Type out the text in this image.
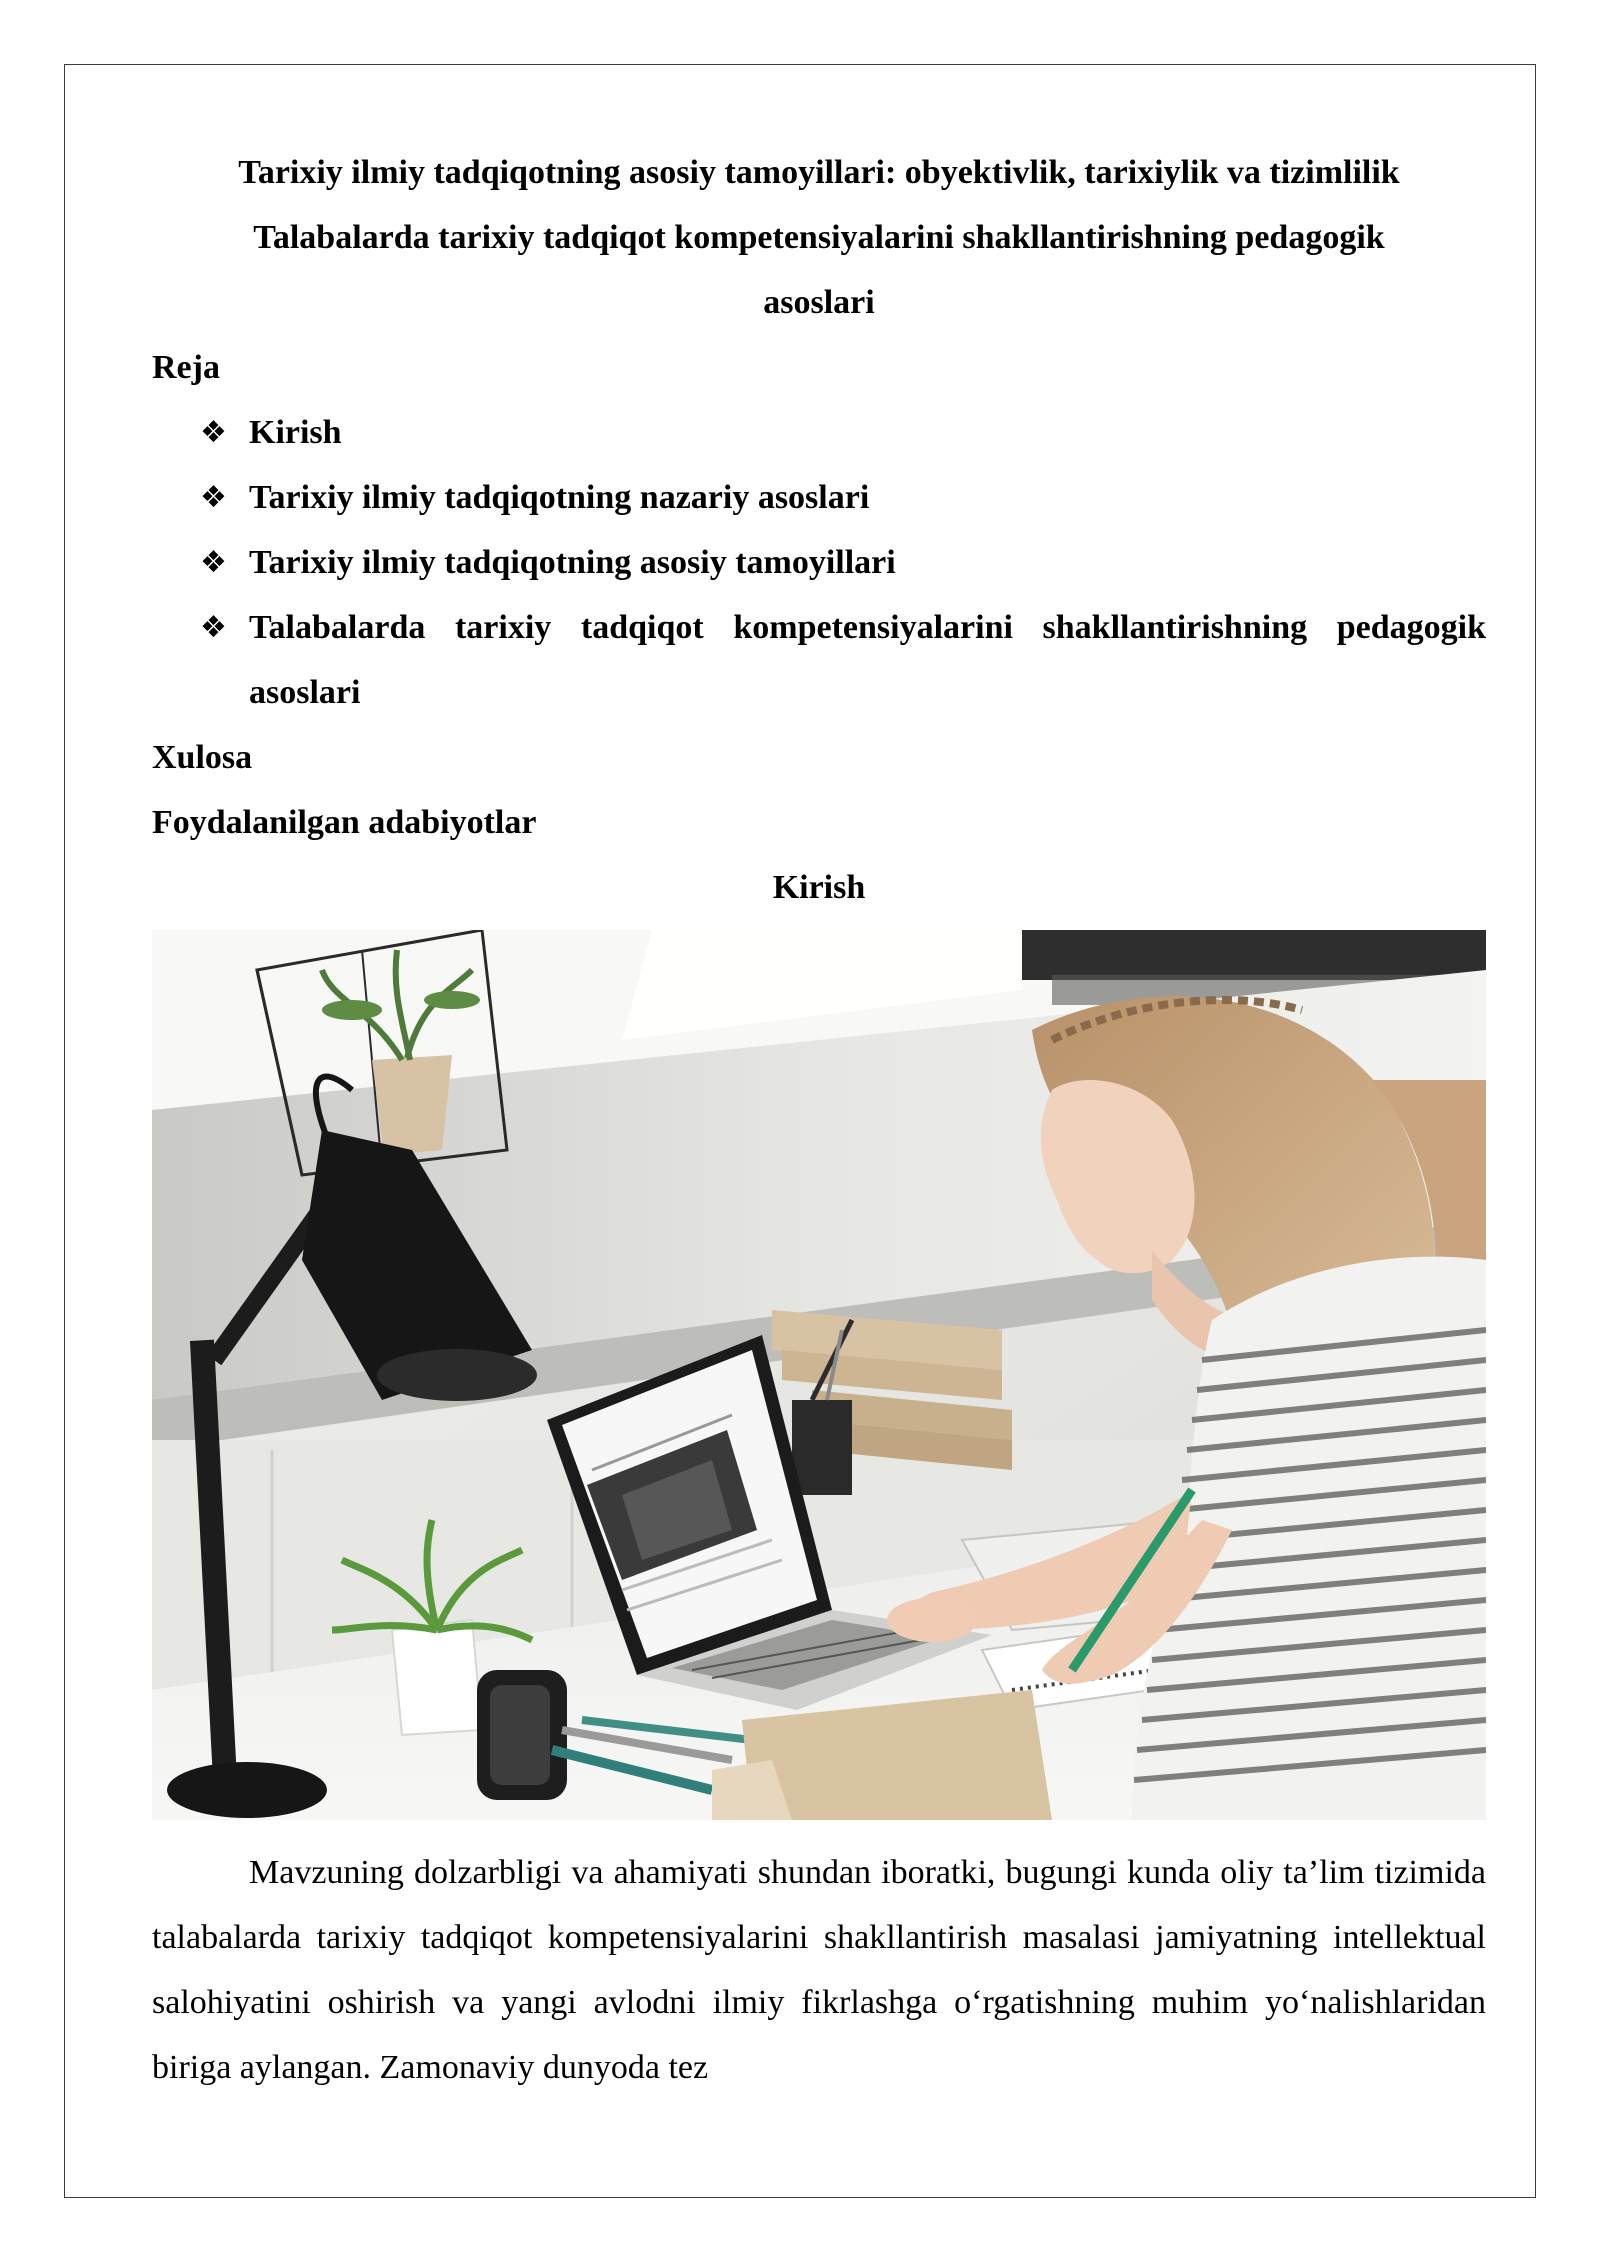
Tarixiy ilmiy tadqiqotning asosiy tamoyillari: obyektivlik, tarixiylik va tizimlilik

Talabalarda tarixiy tadqiqot kompetensiyalarini shakllantirishning pedagogik

asoslari

Reja

❖ Kirish
❖ Tarixiy ilmiy tadqiqotning nazariy asoslari
❖ Tarixiy ilmiy tadqiqotning asosiy tamoyillari
❖ Talabalarda tarixiy tadqiqot kompetensiyalarini shakllantirishning pedagogik asoslari

Xulosa

Foydalanilgan adabiyotlar

Kirish

Mavzuning dolzarbligi va ahamiyati shundan iboratki, bugungi kunda oliy ta’lim tizimida talabalarda tarixiy tadqiqot kompetensiyalarini shakllantirish masalasi jamiyatning intellektual salohiyatini oshirish va yangi avlodni ilmiy fikrlashga o‘rgatishning muhim yo‘nalishlaridan biriga aylangan. Zamonaviy dunyoda tez
